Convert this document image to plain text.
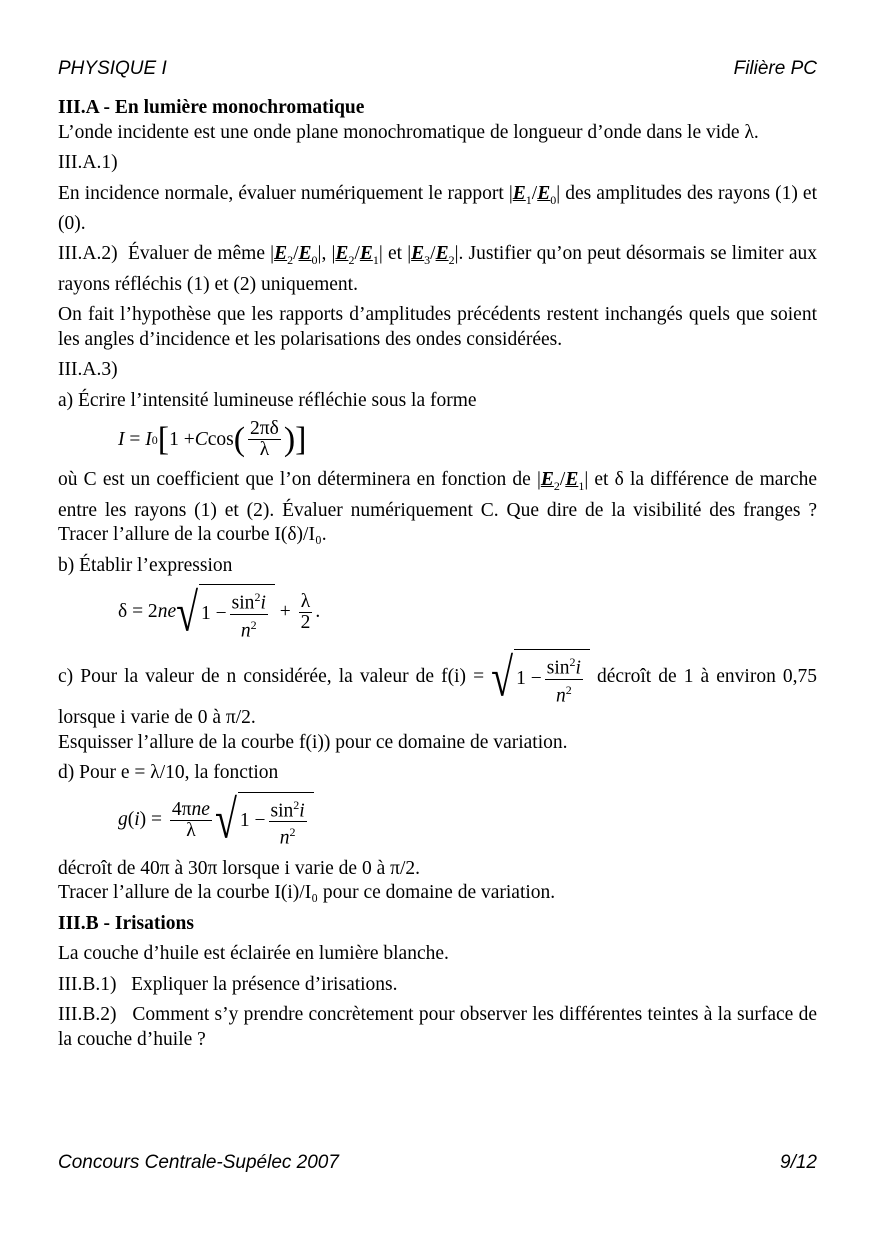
PHYSIQUE I	Filière PC

III.A - En lumière monochromatique

L’onde incidente est une onde plane monochromatique de longueur d’onde dans le vide λ.

III.A.1)

En incidence normale, évaluer numériquement le rapport $|E_1/E_0|$ des amplitudes des rayons (1) et (0).

III.A.2) Évaluer de même $|E_2/E_0|$, $|E_2/E_1|$ et $|E_3/E_2|$. Justifier qu’on peut désormais se limiter aux rayons réfléchis (1) et (2) uniquement.

On fait l’hypothèse que les rapports d’amplitudes précédents restent inchangés quels que soient les angles d’incidence et les polarisations des ondes considérées.

III.A.3)

a) Écrire l’intensité lumineuse réfléchie sous la forme

I = I 0 [ 1 + C cos ( $\frac{2\pi\delta}{\lambda}$ )]

où C est un coefficient que l’on déterminera en fonction de $|E_2/E_1|$ et δ la différence de marche entre les rayons (1) et (2). Évaluer numériquement C. Que dire de la visibilité des franges ? Tracer l’allure de la courbe I(δ)/I₀.

b) Établir l’expression

δ = 2 ne √ $1 - \frac{\sin^2i}{n^2} + \frac{\lambda}{2}$ .

c) Pour la valeur de n considérée, la valeur de f(i) = √ $1 - \frac{\sin^2i}{n^2}$ décroît de 1 à environ 0,75 lorsque i varie de 0 à π/2.

Esquisser l’allure de la courbe f(i)) pour ce domaine de variation.

d) Pour e = λ/10, la fonction

g ( i ) = $\frac{\text{4πne}}{\lambda}$ √ $1 - \frac{\sin^2i}{n^2}$

décroît de 40π à 30π lorsque i varie de 0 à π/2.

Tracer l’allure de la courbe I(i)/I₀ pour ce domaine de variation.

III.B - Irisations

La couche d’huile est éclairée en lumière blanche.

III.B.1) Expliquer la présence d’irisations.

III.B.2) Comment s’y prendre concrètement pour observer les différentes teintes à la surface de la couche d’huile ?

Concours Centrale-Supélec 2007	9/12
